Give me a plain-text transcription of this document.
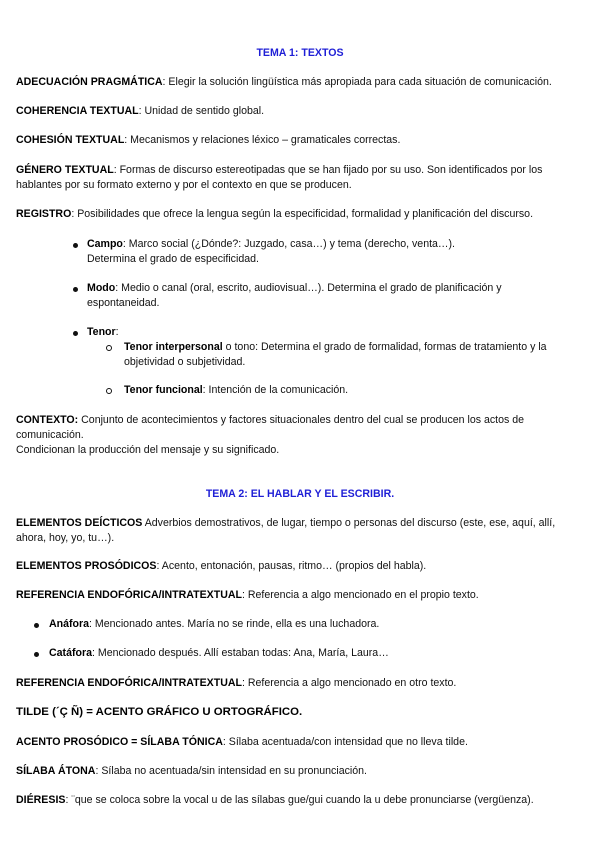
TEMA 1: TEXTOS
ADECUACIÓN PRAGMÁTICA: Elegir la solución lingüística más apropiada para cada situación de comunicación.
COHERENCIA TEXTUAL: Unidad de sentido global.
COHESIÓN TEXTUAL: Mecanismos y relaciones léxico – gramaticales correctas.
GÉNERO TEXTUAL: Formas de discurso estereotipadas que se han fijado por su uso. Son identificados por los hablantes por su formato externo y por el contexto en que se producen.
REGISTRO: Posibilidades que ofrece la lengua según la especificidad, formalidad y planificación del discurso.
Campo: Marco social (¿Dónde?: Juzgado, casa…) y tema (derecho, venta…).
Determina el grado de especificidad.
Modo: Medio o canal (oral, escrito, audiovisual…). Determina el grado de planificación y espontaneidad.
Tenor:
Tenor interpersonal o tono: Determina el grado de formalidad, formas de tratamiento y la objetividad o subjetividad.
Tenor funcional: Intención de la comunicación.
CONTEXTO: Conjunto de acontecimientos y factores situacionales dentro del cual se producen los actos de comunicación.
Condicionan la producción del mensaje y su significado.
TEMA 2: EL HABLAR Y EL ESCRIBIR.
ELEMENTOS DEÍCTICOS Adverbios demostrativos, de lugar, tiempo o personas del discurso (este, ese, aquí, allí, ahora, hoy, yo, tu…).
ELEMENTOS PROSÓDICOS: Acento, entonación, pausas, ritmo… (propios del habla).
REFERENCIA ENDOFÓRICA/INTRATEXTUAL: Referencia a algo mencionado en el propio texto.
Anáfora: Mencionado antes. María no se rinde, ella es una luchadora.
Catáfora: Mencionado después. Allí estaban todas: Ana, María, Laura…
REFERENCIA ENDOFÓRICA/INTRATEXTUAL: Referencia a algo mencionado en otro texto.
TILDE (´Ç Ñ) = ACENTO GRÁFICO U ORTOGRÁFICO.
ACENTO PROSÓDICO = SÍLABA TÓNICA: Sílaba acentuada/con intensidad que no lleva tilde.
SÍLABA ÁTONA: Sílaba no acentuada/sin intensidad en su pronunciación.
DIÉRESIS: ¨que se coloca sobre la vocal u de las sílabas gue/gui cuando la u debe pronunciarse (vergüenza).
